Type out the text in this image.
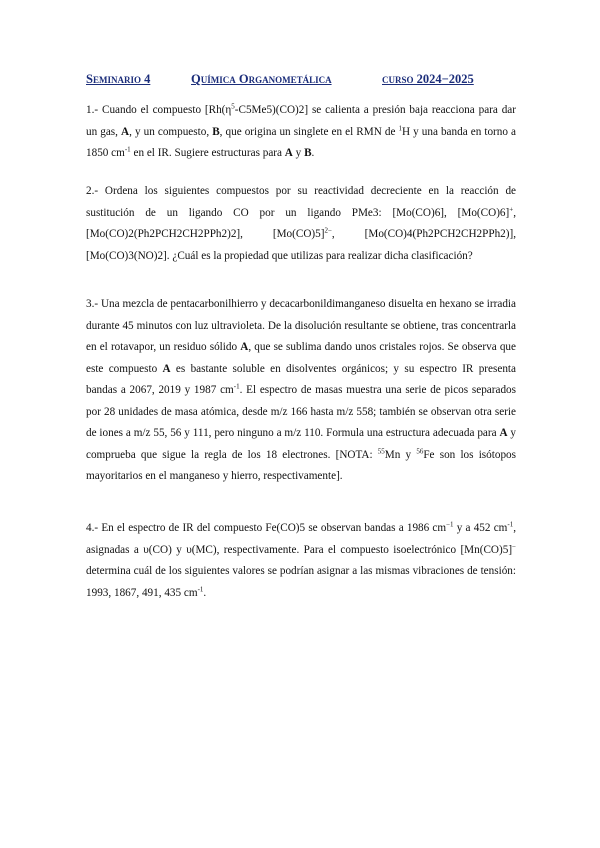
Seminario 4	Química Organometálica	curso 2024−2025
1.- Cuando el compuesto $[Rh(\eta^5-C5Me5)(CO)2]$ se calienta a presión baja reacciona para dar un gas, A, y un compuesto, B, que origina un singlete en el RMN de $^1$H y una banda en torno a 1850 $cm^{-1}$ en el IR. Sugiere estructuras para A y B.
2.- Ordena los siguientes compuestos por su reactividad decreciente en la reacción de sustitución de un ligando CO por un ligando PMe3: [Mo(CO)6], [Mo(CO)6]+, [Mo(CO)2(Ph2PCH2CH2PPh2)2], $[Mo(CO)5]^{2-}$, [Mo(CO)4(Ph2PCH2CH2PPh2)], [Mo(CO)3(NO)2]. ¿Cuál es la propiedad que utilizas para realizar dicha clasificación?
3.- Una mezcla de pentacarbonilhierro y decacarbonildimanganeso disuelta en hexano se irradia durante 45 minutos con luz ultravioleta. De la disolución resultante se obtiene, tras concentrarla en el rotavapor, un residuo sólido A, que se sublima dando unos cristales rojos. Se observa que este compuesto A es bastante soluble en disolventes orgánicos; y su espectro IR presenta bandas a 2067, 2019 y 1987 $cm^{-1}$. El espectro de masas muestra una serie de picos separados por 28 unidades de masa atómica, desde m/z 166 hasta m/z 558; también se observan otra serie de iones a m/z 55, 56 y 111, pero ninguno a m/z 110. Formula una estructura adecuada para A y comprueba que sigue la regla de los 18 electrones. [NOTA: $^{55}$Mn y $^{56}$Fe son los isótopos mayoritarios en el manganeso y hierro, respectivamente].
4.- En el espectro de IR del compuesto Fe(CO)5 se observan bandas a 1986 $cm^{-1}$ y a 452 $cm^{-1}$, asignadas a υ(CO) y υ(MC), respectivamente. Para el compuesto isoelectrónico [Mn(CO)5]− determina cuál de los siguientes valores se podrían asignar a las mismas vibraciones de tensión: 1993, 1867, 491, 435 $cm^{-1}$.
